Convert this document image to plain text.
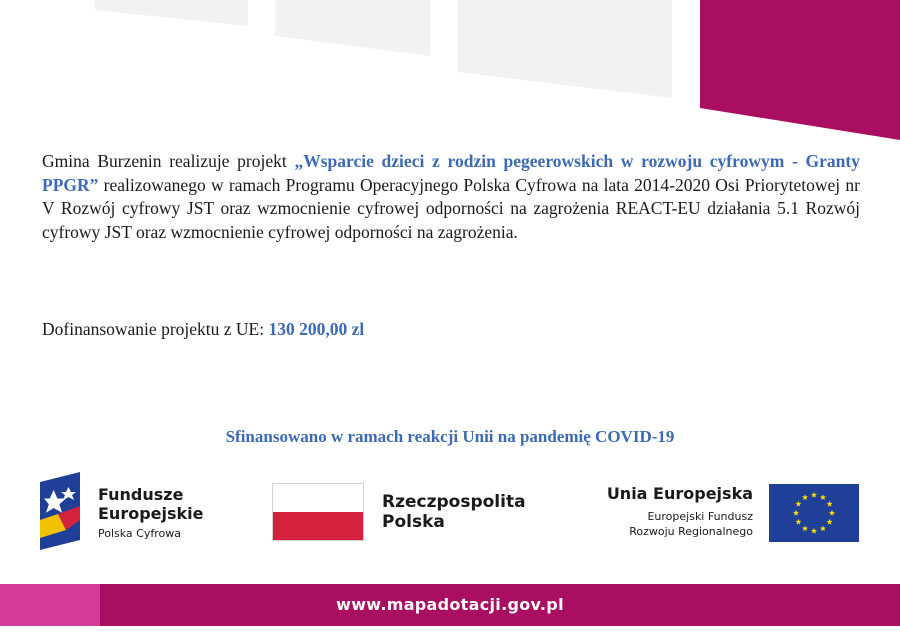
Gmina Burzenin realizuje projekt „Wsparcie dzieci z rodzin pegeerowskich w rozwoju cyfrowym - Granty PPGR” realizowanego w ramach Programu Operacyjnego Polska Cyfrowa na lata 2014-2020 Osi Priorytetowej nr V Rozwój cyfrowy JST oraz wzmocnienie cyfrowej odporności na zagrożenia REACT-EU działania 5.1 Rozwój cyfrowy JST oraz wzmocnienie cyfrowej odporności na zagrożenia.
Dofinansowanie projektu z UE: 130 200,00 zl
Sfinansowano w ramach reakcji Unii na pandemię COVID-19
Fundusze
Europejskie
Polska Cyfrowa
Rzeczpospolita
Polska
Unia Europejska
Europejski Fundusz
Rozwoju Regionalnego
www.mapadotacji.gov.pl
